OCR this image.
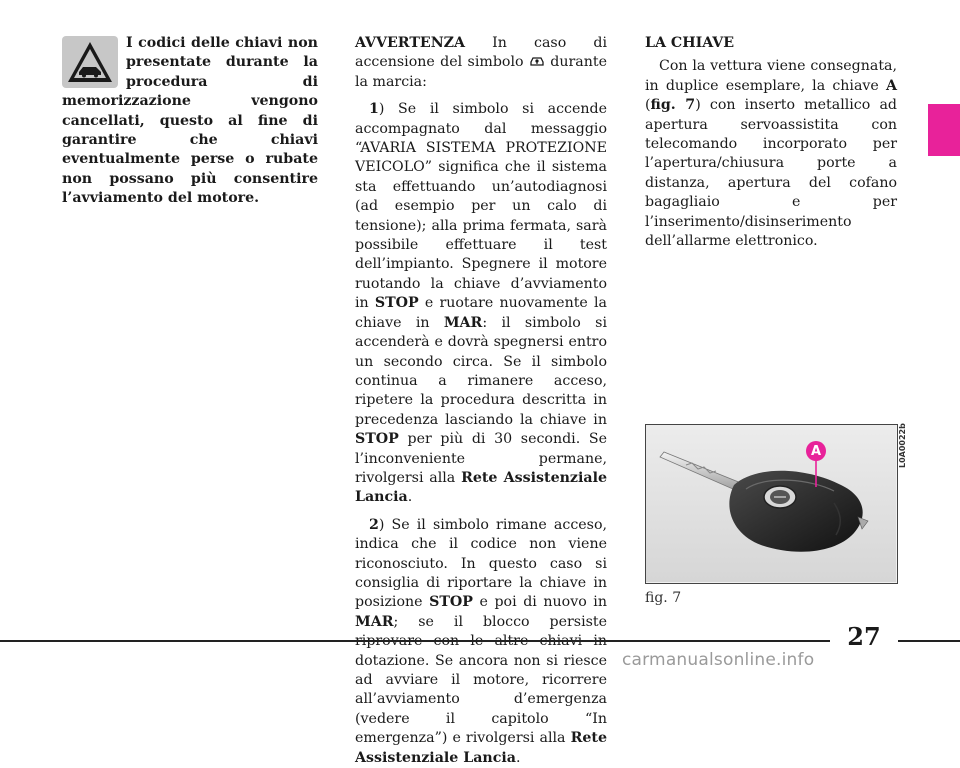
I codici delle chiavi non presentate durante la procedura di memorizzazione vengono cancellati, questo al fine di garantire che chiavi eventualmente perse o rubate non possano più consentire l’avviamento del motore.

AVVERTENZA In caso di accensione del simbolo  durante la marcia:

1) Se il simbolo si accende accompagnato dal messaggio “AVARIA SISTEMA PROTEZIONE VEICOLO” significa che il sistema sta effettuando un’autodiagnosi (ad esempio per un calo di tensione); alla prima fermata, sarà possibile effettuare il test dell’impianto. Spegnere il motore ruotando la chiave d’avviamento in STOP e ruotare nuovamente la chiave in MAR: il simbolo si accenderà e dovrà spegnersi entro un secondo circa. Se il simbolo continua a rimanere acceso, ripetere la procedura descritta in precedenza lasciando la chiave in STOP per più di 30 secondi. Se l’inconveniente permane, rivolgersi alla Rete Assistenziale Lancia.

2) Se il simbolo rimane acceso, indica che il codice non viene riconosciuto. In questo caso si consiglia di riportare la chiave in posizione STOP e poi di nuovo in MAR; se il blocco persiste dotazione. Se ancora non si riesce ad avviare il motore, ricorrere all’avviamento d’emergenza (vedere il capitolo “In emergenza”) e rivolgersi alla Rete Assistenziale Lancia.

LA CHIAVE

Con la vettura viene consegnata, in duplice esemplare, la chiave A (fig. 7) con inserto metallico ad apertura servoassistita con telecomando incorporato per l’apertura/chiusura porte a distanza, apertura del cofano bagagliaio e per l’inserimento/disinserimento dell’allarme elettronico.

A	L0A0022b
fig. 7
27
carmanualsonline.info
